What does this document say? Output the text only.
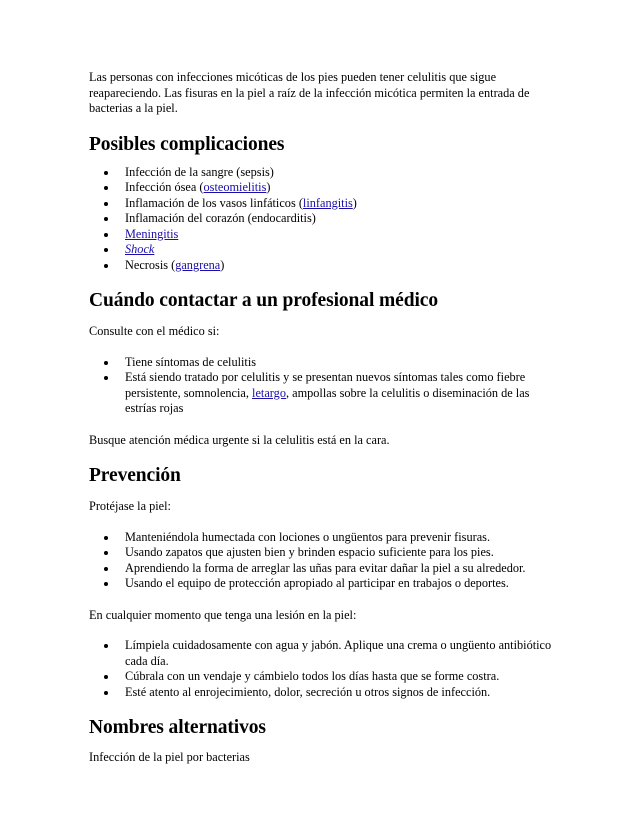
Las personas con infecciones micóticas de los pies pueden tener celulitis que sigue reapareciendo. Las fisuras en la piel a raíz de la infección micótica permiten la entrada de bacterias a la piel.

Posibles complicaciones
Infección de la sangre (sepsis)
Infección ósea (osteomielitis)
Inflamación de los vasos linfáticos (linfangitis)
Inflamación del corazón (endocarditis)
Meningitis
Shock
Necrosis (gangrena)
Cuándo contactar a un profesional médico

Consulte con el médico si:

Tiene síntomas de celulitis
Está siendo tratado por celulitis y se presentan nuevos síntomas tales como fiebre persistente, somnolencia, letargo, ampollas sobre la celulitis o diseminación de las estrías rojas

Busque atención médica urgente si la celulitis está en la cara.

Prevención

Protéjase la piel:

Manteniéndola humectada con lociones o ungüentos para prevenir fisuras.
Usando zapatos que ajusten bien y brinden espacio suficiente para los pies.
Aprendiendo la forma de arreglar las uñas para evitar dañar la piel a su alrededor.
Usando el equipo de protección apropiado al participar en trabajos o deportes.

En cualquier momento que tenga una lesión en la piel:

Límpiela cuidadosamente con agua y jabón. Aplique una crema o ungüento antibiótico cada día.
Cúbrala con un vendaje y cámbielo todos los días hasta que se forme costra.
Esté atento al enrojecimiento, dolor, secreción u otros signos de infección.
Nombres alternativos

Infección de la piel por bacterias
